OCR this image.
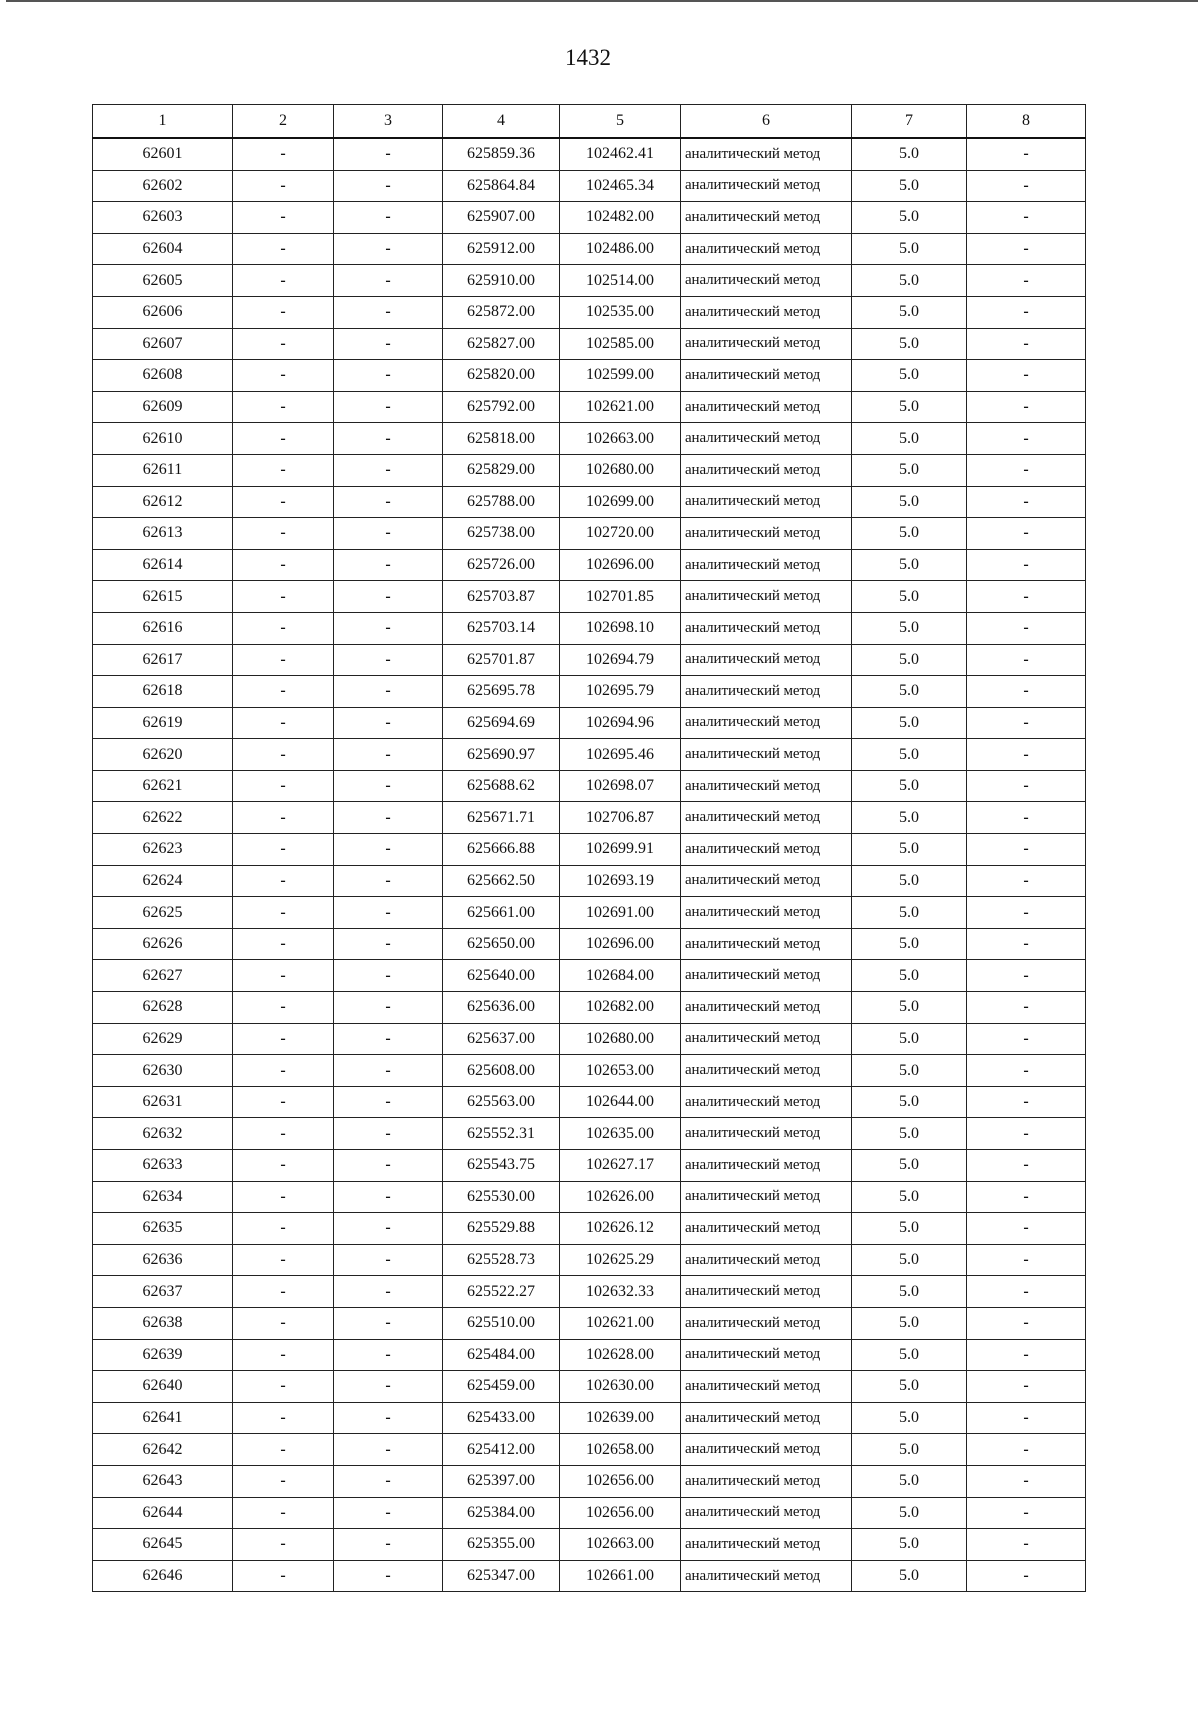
1432
1	2	3	4	5	6	7	8
62601	-	-	625859.36	102462.41	аналитический метод	5.0	-
62602	-	-	625864.84	102465.34	аналитический метод	5.0	-
62603	-	-	625907.00	102482.00	аналитический метод	5.0	-
62604	-	-	625912.00	102486.00	аналитический метод	5.0	-
62605	-	-	625910.00	102514.00	аналитический метод	5.0	-
62606	-	-	625872.00	102535.00	аналитический метод	5.0	-
62607	-	-	625827.00	102585.00	аналитический метод	5.0	-
62608	-	-	625820.00	102599.00	аналитический метод	5.0	-
62609	-	-	625792.00	102621.00	аналитический метод	5.0	-
62610	-	-	625818.00	102663.00	аналитический метод	5.0	-
62611	-	-	625829.00	102680.00	аналитический метод	5.0	-
62612	-	-	625788.00	102699.00	аналитический метод	5.0	-
62613	-	-	625738.00	102720.00	аналитический метод	5.0	-
62614	-	-	625726.00	102696.00	аналитический метод	5.0	-
62615	-	-	625703.87	102701.85	аналитический метод	5.0	-
62616	-	-	625703.14	102698.10	аналитический метод	5.0	-
62617	-	-	625701.87	102694.79	аналитический метод	5.0	-
62618	-	-	625695.78	102695.79	аналитический метод	5.0	-
62619	-	-	625694.69	102694.96	аналитический метод	5.0	-
62620	-	-	625690.97	102695.46	аналитический метод	5.0	-
62621	-	-	625688.62	102698.07	аналитический метод	5.0	-
62622	-	-	625671.71	102706.87	аналитический метод	5.0	-
62623	-	-	625666.88	102699.91	аналитический метод	5.0	-
62624	-	-	625662.50	102693.19	аналитический метод	5.0	-
62625	-	-	625661.00	102691.00	аналитический метод	5.0	-
62626	-	-	625650.00	102696.00	аналитический метод	5.0	-
62627	-	-	625640.00	102684.00	аналитический метод	5.0	-
62628	-	-	625636.00	102682.00	аналитический метод	5.0	-
62629	-	-	625637.00	102680.00	аналитический метод	5.0	-
62630	-	-	625608.00	102653.00	аналитический метод	5.0	-
62631	-	-	625563.00	102644.00	аналитический метод	5.0	-
62632	-	-	625552.31	102635.00	аналитический метод	5.0	-
62633	-	-	625543.75	102627.17	аналитический метод	5.0	-
62634	-	-	625530.00	102626.00	аналитический метод	5.0	-
62635	-	-	625529.88	102626.12	аналитический метод	5.0	-
62636	-	-	625528.73	102625.29	аналитический метод	5.0	-
62637	-	-	625522.27	102632.33	аналитический метод	5.0	-
62638	-	-	625510.00	102621.00	аналитический метод	5.0	-
62639	-	-	625484.00	102628.00	аналитический метод	5.0	-
62640	-	-	625459.00	102630.00	аналитический метод	5.0	-
62641	-	-	625433.00	102639.00	аналитический метод	5.0	-
62642	-	-	625412.00	102658.00	аналитический метод	5.0	-
62643	-	-	625397.00	102656.00	аналитический метод	5.0	-
62644	-	-	625384.00	102656.00	аналитический метод	5.0	-
62645	-	-	625355.00	102663.00	аналитический метод	5.0	-
62646	-	-	625347.00	102661.00	аналитический метод	5.0	-
